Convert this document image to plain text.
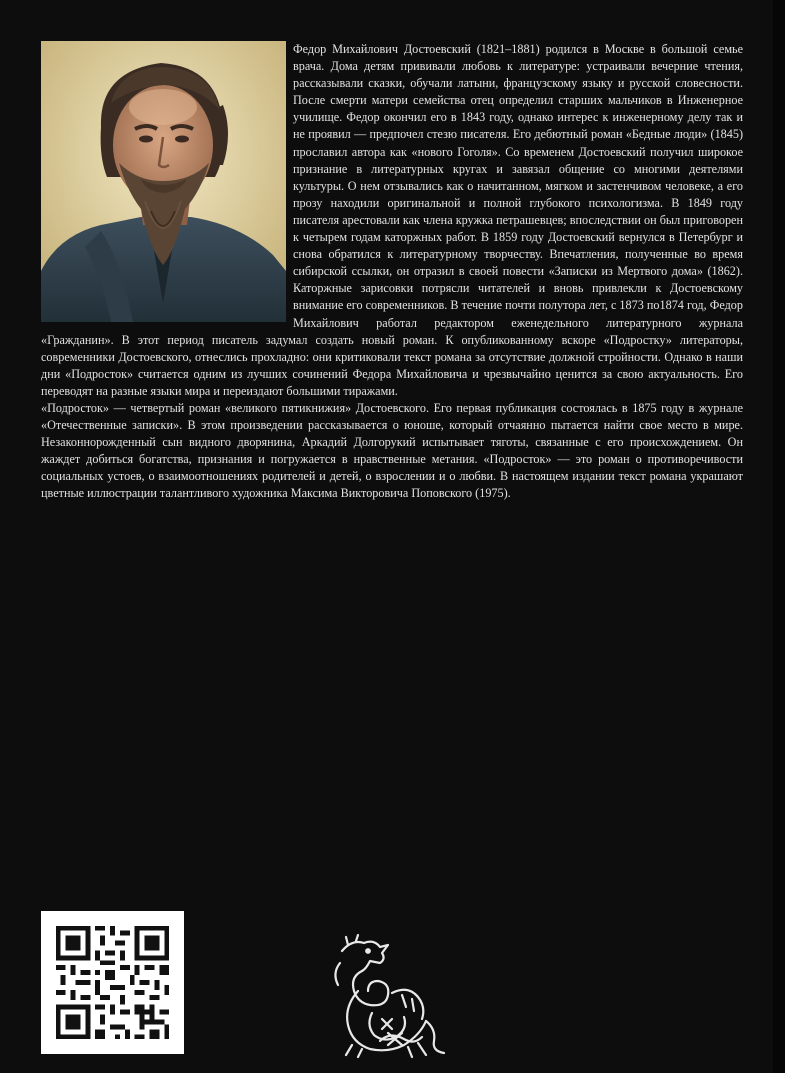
Федор Михайлович Достоевский (1821–1881) родился в Москве в большой семье врача. Дома детям прививали любовь к литературе: устраивали вечерние чтения, рассказывали сказки, обучали латыни, французскому языку и русской словесности. После смерти матери семейства отец определил старших мальчиков в Инженерное училище. Федор окончил его в 1843 году, однако интерес к инженерному делу так и не проявил — предпочел стезю писателя. Его дебютный роман «Бедные люди» (1845) прославил автора как «нового Гоголя». Со временем Достоевский получил широкое признание в литературных кругах и завязал общение со многими деятелями культуры. О нем отзывались как о начитанном, мягком и застенчивом человеке, а его прозу находили оригинальной и полной глубокого психологизма. В 1849 году писателя арестовали как члена кружка петрашевцев; впоследствии он был приговорен к четырем годам каторжных работ. В 1859 году Достоевский вернулся в Петербург и снова обратился к литературному творчеству. Впечатления, полученные во время сибирской ссылки, он отразил в своей повести «Записки из Мертвого дома» (1862). Каторжные зарисовки потрясли читателей и вновь привлекли к Достоевскому внимание его современников. В течение почти полутора лет, с 1873 по1874 год, Федор Михайлович работал редактором еженедельного литературного журнала «Гражданин». В этот период писатель задумал создать новый роман. К опубликованному вскоре «Подростку» литераторы, современники Достоевского, отнеслись прохладно: они критиковали текст романа за отсутствие должной стройности. Однако в наши дни «Подросток» считается одним из лучших сочинений Федора Михайловича и чрезвычайно ценится за свою актуальность. Его переводят на разные языки мира и переиздают большими тиражами.

«Подросток» — четвертый роман «великого пятикнижия» Достоевского. Его первая публикация состоялась в 1875 году в журнале «Отечественные записки». В этом произведении рассказывается о юноше, который отчаянно пытается найти свое место в мире. Незаконнорожденный сын видного дворянина, Аркадий Долгорукий испытывает тяготы, связанные с его происхождением. Он жаждет добиться богатства, признания и погружается в нравственные метания. «Подросток» — это роман о противоречивости социальных устоев, о взаимоотношениях родителей и детей, о взрослении и о любви. В настоящем издании текст романа украшают цветные иллюстрации талантливого художника Максима Викторовича Поповского (1975).
